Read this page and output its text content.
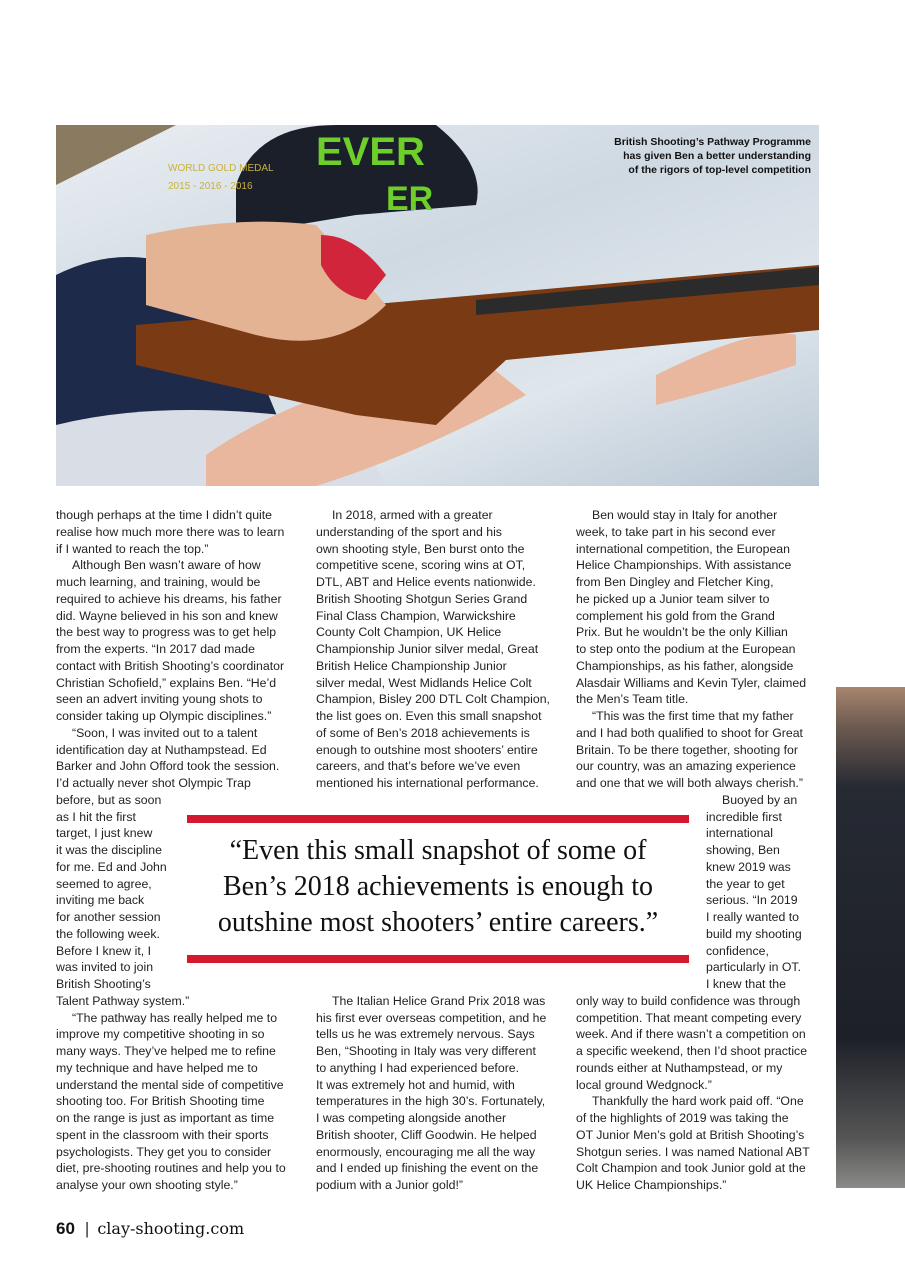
EVER
ER
WORLD GOLD MEDAL
2015 - 2016 - 2016
British Shooting’s Pathway Programme
has given Ben a better understanding
of the rigors of top-level competition
though perhaps at the time I didn’t quite
realise how much more there was to learn
if I wanted to reach the top.”
Although Ben wasn’t aware of how
much learning, and training, would be
required to achieve his dreams, his father
did. Wayne believed in his son and knew
the best way to progress was to get help
from the experts. “In 2017 dad made
contact with British Shooting’s coordinator
Christian Schofield,” explains Ben. “He’d
seen an advert inviting young shots to
consider taking up Olympic disciplines.”
“Soon, I was invited out to a talent
identification day at Nuthampstead. Ed
Barker and John Offord took the session.
I’d actually never shot Olympic Trap
before, but as soon
as I hit the first
target, I just knew
it was the discipline
for me. Ed and John
seemed to agree,
inviting me back
for another session
the following week.
Before I knew it, I
was invited to join
British Shooting’s
Talent Pathway system.”
“The pathway has really helped me to
improve my competitive shooting in so
many ways. They’ve helped me to refine
my technique and have helped me to
understand the mental side of competitive
shooting too. For British Shooting time
on the range is just as important as time
spent in the classroom with their sports
psychologists. They get you to consider
diet, pre-shooting routines and help you to
analyse your own shooting style.”
In 2018, armed with a greater
understanding of the sport and his
own shooting style, Ben burst onto the
competitive scene, scoring wins at OT,
DTL, ABT and Helice events nationwide.
British Shooting Shotgun Series Grand
Final Class Champion, Warwickshire
County Colt Champion, UK Helice
Championship Junior silver medal, Great
British Helice Championship Junior
silver medal, West Midlands Helice Colt
Champion, Bisley 200 DTL Colt Champion,
the list goes on. Even this small snapshot
of some of Ben’s 2018 achievements is
enough to outshine most shooters’ entire
careers, and that’s before we’ve even
mentioned his international performance.
The Italian Helice Grand Prix 2018 was
his first ever overseas competition, and he
tells us he was extremely nervous. Says
Ben, “Shooting in Italy was very different
to anything I had experienced before.
It was extremely hot and humid, with
temperatures in the high 30’s. Fortunately,
I was competing alongside another
British shooter, Cliff Goodwin. He helped
enormously, encouraging me all the way
and I ended up finishing the event on the
podium with a Junior gold!”
Ben would stay in Italy for another
week, to take part in his second ever
international competition, the European
Helice Championships. With assistance
from Ben Dingley and Fletcher King,
he picked up a Junior team silver to
complement his gold from the Grand
Prix. But he wouldn’t be the only Killian
to step onto the podium at the European
Championships, as his father, alongside
Alasdair Williams and Kevin Tyler, claimed
the Men’s Team title.
“This was the first time that my father
and I had both qualified to shoot for Great
Britain. To be there together, shooting for
our country, was an amazing experience
and one that we will both always cherish.”
Buoyed by an
incredible first
international
showing, Ben
knew 2019 was
the year to get
serious. “In 2019
I really wanted to
build my shooting
confidence,
particularly in OT.
I knew that the
only way to build confidence was through
competition. That meant competing every
week. And if there wasn’t a competition on
a specific weekend, then I’d shoot practice
rounds either at Nuthampstead, or my
local ground Wedgnock.”
Thankfully the hard work paid off. “One
of the highlights of 2019 was taking the
OT Junior Men’s gold at British Shooting’s
Shotgun series. I was named National ABT
Colt Champion and took Junior gold at the
UK Helice Championships.”
“Even this small snapshot of some of
Ben’s 2018 achievements is enough to
outshine most shooters’ entire careers.”
60 | clay-shooting.com
